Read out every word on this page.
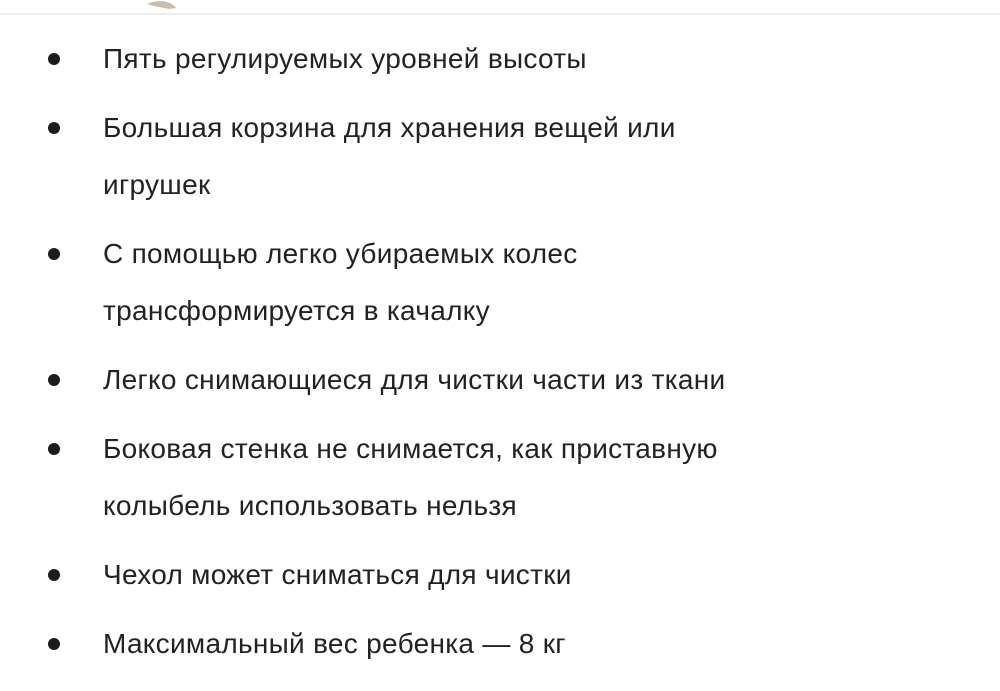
Пять регулируемых уровней высоты
Большая корзина для хранения вещей или
игрушек
С помощью легко убираемых колес
трансформируется в качалку
Легко снимающиеся для чистки части из ткани
Боковая стенка не снимается, как приставную
колыбель использовать нельзя
Чехол может сниматься для чистки
Максимальный вес ребенка — 8 кг
